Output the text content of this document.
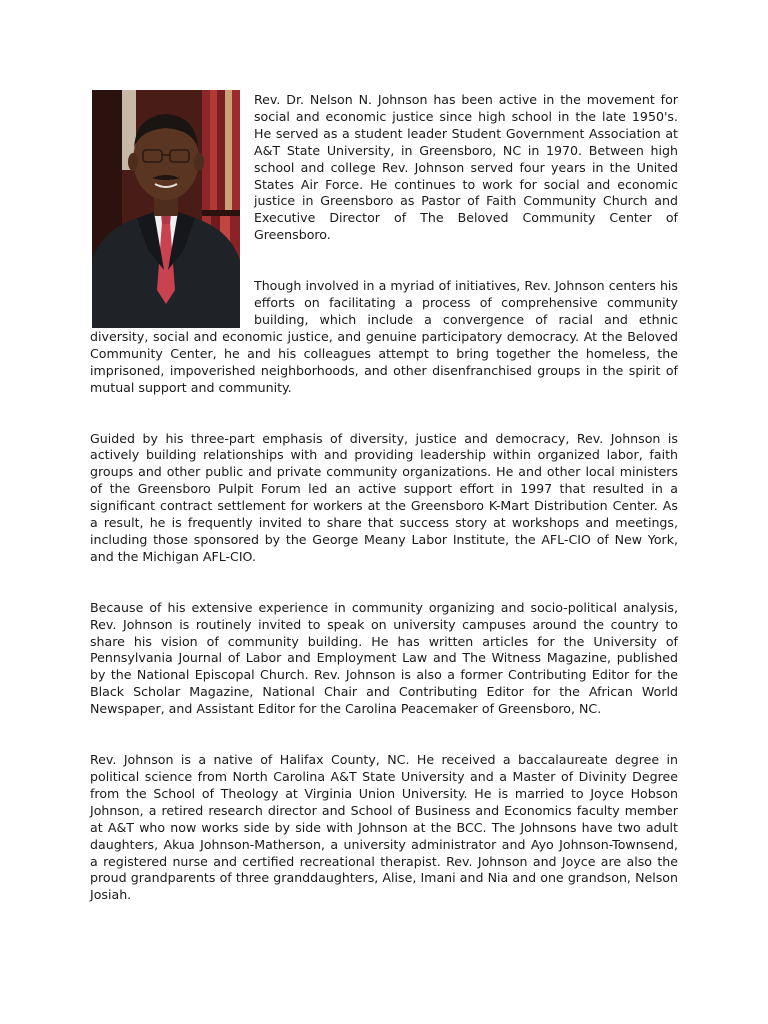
Rev. Dr. Nelson N. Johnson has been active in the movement for social and economic justice since high school in the late 1950's. He served as a student leader Student Government Association at A&T State University, in Greensboro, NC in 1970. Between high school and college Rev. Johnson served four years in the United States Air Force. He continues to work for social and economic justice in Greensboro as Pastor of Faith Community Church and Executive Director of The Beloved Community Center of Greensboro.

Though involved in a myriad of initiatives, Rev. Johnson centers his efforts on facilitating a process of comprehensive community building, which include a convergence of racial and ethnic diversity, social and economic justice, and genuine participatory democracy. At the Beloved Community Center, he and his colleagues attempt to bring together the homeless, the imprisoned, impoverished neighborhoods, and other disenfranchised groups in the spirit of mutual support and community.

Guided by his three-part emphasis of diversity, justice and democracy, Rev. Johnson is actively building relationships with and providing leadership within organized labor, faith groups and other public and private community organizations. He and other local ministers of the Greensboro Pulpit Forum led an active support effort in 1997 that resulted in a significant contract settlement for workers at the Greensboro K-Mart Distribution Center. As a result, he is frequently invited to share that success story at workshops and meetings, including those sponsored by the George Meany Labor Institute, the AFL-CIO of New York, and the Michigan AFL-CIO.

Because of his extensive experience in community organizing and socio-political analysis, Rev. Johnson is routinely invited to speak on university campuses around the country to share his vision of community building. He has written articles for the University of Pennsylvania Journal of Labor and Employment Law and The Witness Magazine, published by the National Episcopal Church. Rev. Johnson is also a former Contributing Editor for the Black Scholar Magazine, National Chair and Contributing Editor for the African World Newspaper, and Assistant Editor for the Carolina Peacemaker of Greensboro, NC.

Rev. Johnson is a native of Halifax County, NC. He received a baccalaureate degree in political science from North Carolina A&T State University and a Master of Divinity Degree from the School of Theology at Virginia Union University. He is married to Joyce Hobson Johnson, a retired research director and School of Business and Economics faculty member at A&T who now works side by side with Johnson at the BCC. The Johnsons have two adult daughters, Akua Johnson-Matherson, a university administrator and Ayo Johnson-Townsend, a registered nurse and certified recreational therapist. Rev. Johnson and Joyce are also the proud grandparents of three granddaughters, Alise, Imani and Nia and one grandson, Nelson Josiah.
